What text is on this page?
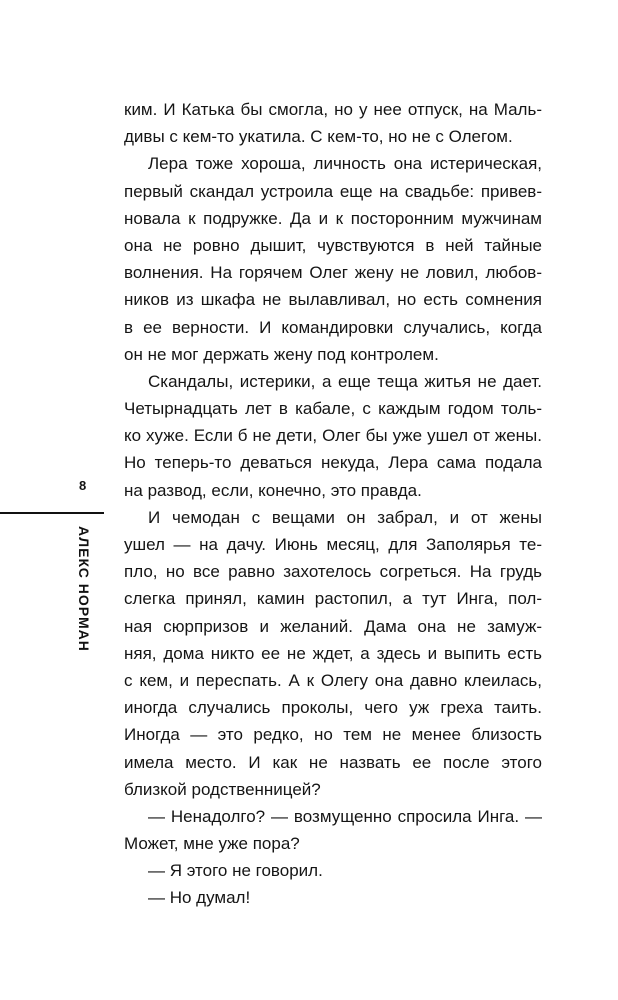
8
АЛЕКС НОРМАН
ким. И Катька бы смогла, но у нее отпуск, на Маль-
дивы с кем-то укатила. С кем-то, но не с Олегом.
Лера тоже хороша, личность она истерическая,
первый скандал устроила еще на свадьбе: привев-
новала к подружке. Да и к посторонним мужчинам
она не ровно дышит, чувствуются в ней тайные
волнения. На горячем Олег жену не ловил, любов-
ников из шкафа не вылавливал, но есть сомнения
в ее верности. И командировки случались, когда
он не мог держать жену под контролем.
Скандалы, истерики, а еще теща житья не дает.
Четырнадцать лет в кабале, с каждым годом толь-
ко хуже. Если б не дети, Олег бы уже ушел от жены.
Но теперь-то деваться некуда, Лера сама подала
на развод, если, конечно, это правда.
И чемодан с вещами он забрал, и от жены
ушел — на дачу. Июнь месяц, для Заполярья те-
пло, но все равно захотелось согреться. На грудь
слегка принял, камин растопил, а тут Инга, пол-
ная сюрпризов и желаний. Дама она не замуж-
няя, дома никто ее не ждет, а здесь и выпить есть
с кем, и переспать. А к Олегу она давно клеилась,
иногда случались проколы, чего уж греха таить.
Иногда — это редко, но тем не менее близость
имела место. И как не назвать ее после этого
близкой родственницей?
— Ненадолго? — возмущенно спросила Инга. —
Может, мне уже пора?
— Я этого не говорил.
— Но думал!
